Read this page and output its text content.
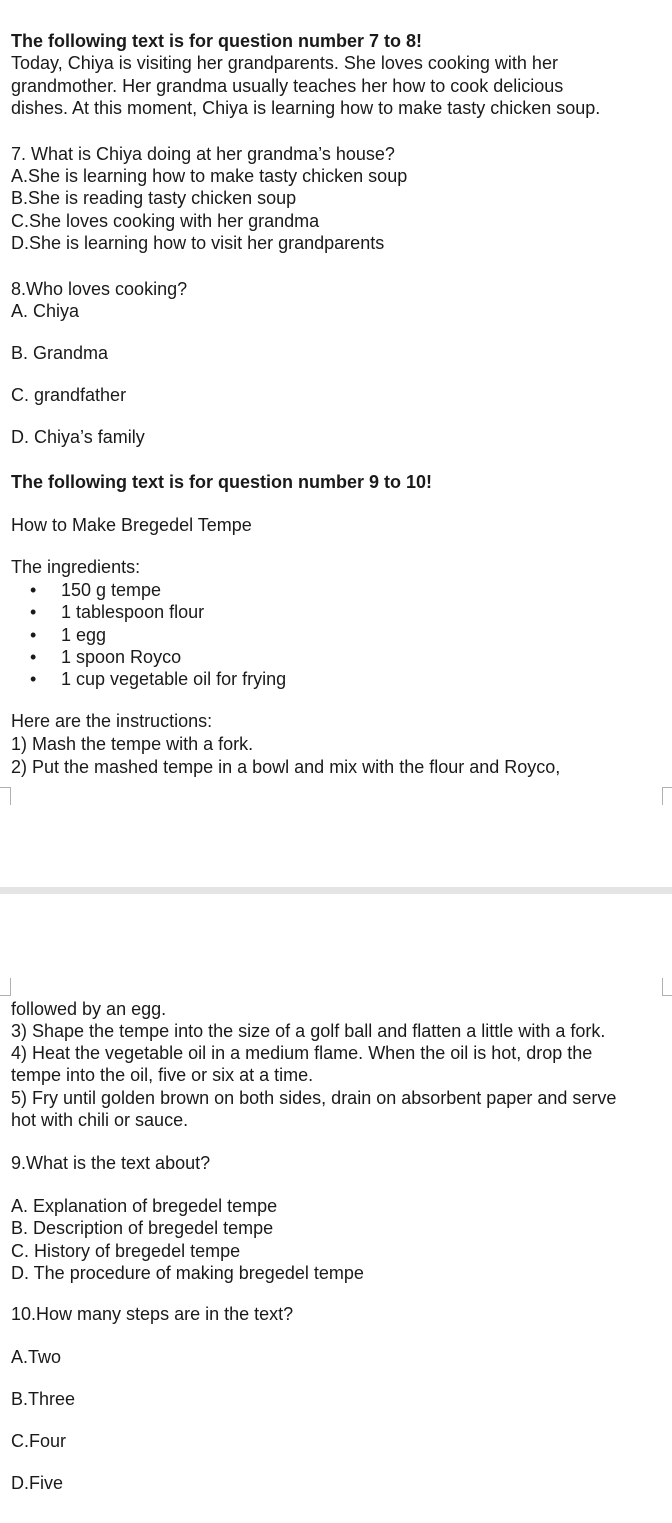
The following text is for question number 7 to 8!
Today, Chiya is visiting her grandparents. She loves cooking with her
grandmother. Her grandma usually teaches her how to cook delicious
dishes. At this moment, Chiya is learning how to make tasty chicken soup.
7. What is Chiya doing at her grandma’s house?
A.She is learning how to make tasty chicken soup
B.She is reading tasty chicken soup
C.She loves cooking with her grandma
D.She is learning how to visit her grandparents
8.Who loves cooking?
A. Chiya
B. Grandma
C. grandfather
D. Chiya’s family
The following text is for question number 9 to 10!
How to Make Bregedel Tempe
The ingredients:
• 150 g tempe
• 1 tablespoon flour
• 1 egg
• 1 spoon Royco
• 1 cup vegetable oil for frying
Here are the instructions:
1) Mash the tempe with a fork.
2) Put the mashed tempe in a bowl and mix with the flour and Royco,
followed by an egg.
3) Shape the tempe into the size of a golf ball and flatten a little with a fork.
4) Heat the vegetable oil in a medium flame. When the oil is hot, drop the
tempe into the oil, five or six at a time.
5) Fry until golden brown on both sides, drain on absorbent paper and serve
hot with chili or sauce.
9.What is the text about?
A. Explanation of bregedel tempe
B. Description of bregedel tempe
C. History of bregedel tempe
D. The procedure of making bregedel tempe
10.How many steps are in the text?
A.Two
B.Three
C.Four
D.Five
